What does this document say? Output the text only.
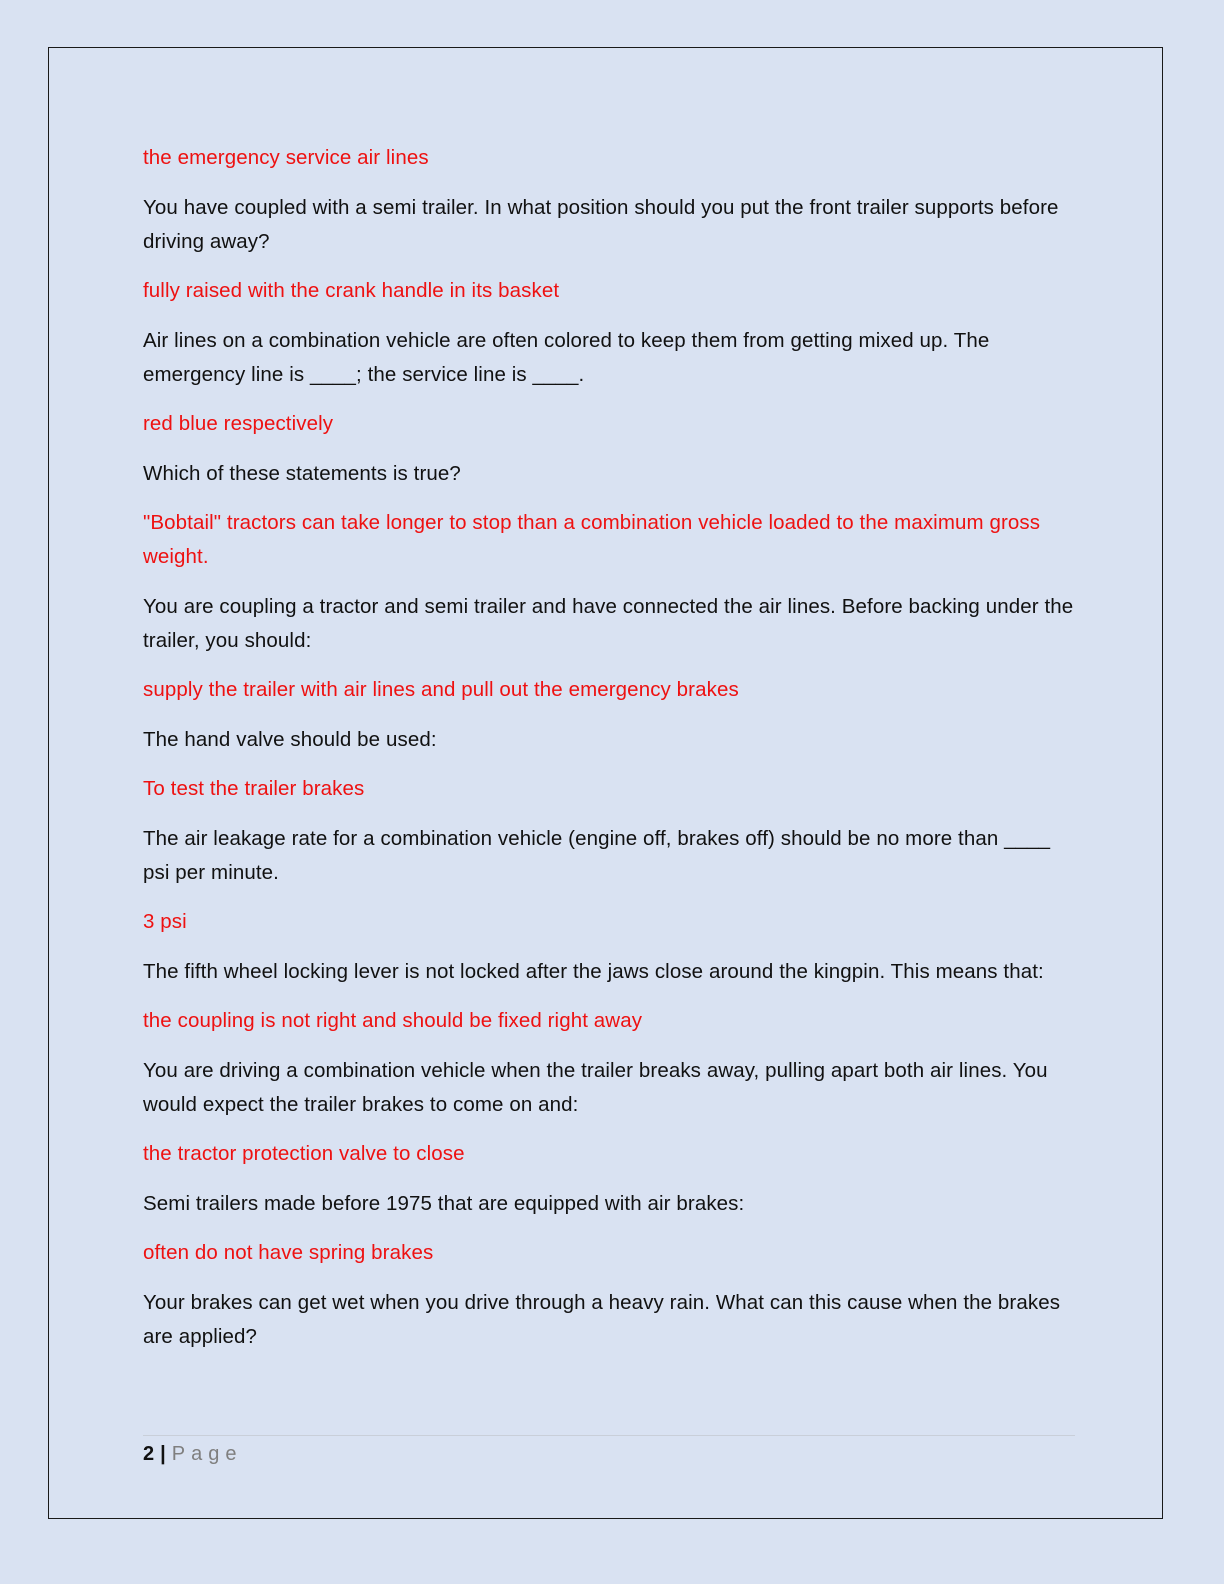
the emergency service air lines

You have coupled with a semi trailer. In what position should you put the front trailer supports before driving away?

fully raised with the crank handle in its basket

Air lines on a combination vehicle are often colored to keep them from getting mixed up. The emergency line is ____; the service line is ____.

red blue respectively

Which of these statements is true?

"Bobtail" tractors can take longer to stop than a combination vehicle loaded to the maximum gross weight.

You are coupling a tractor and semi trailer and have connected the air lines. Before backing under the trailer, you should:

supply the trailer with air lines and pull out the emergency brakes

The hand valve should be used:

To test the trailer brakes

The air leakage rate for a combination vehicle (engine off, brakes off) should be no more than ____ psi per minute.

3 psi

The fifth wheel locking lever is not locked after the jaws close around the kingpin. This means that:

the coupling is not right and should be fixed right away

You are driving a combination vehicle when the trailer breaks away, pulling apart both air lines. You would expect the trailer brakes to come on and:

the tractor protection valve to close

Semi trailers made before 1975 that are equipped with air brakes:

often do not have spring brakes

Your brakes can get wet when you drive through a heavy rain. What can this cause when the brakes are applied?

2 | Page
